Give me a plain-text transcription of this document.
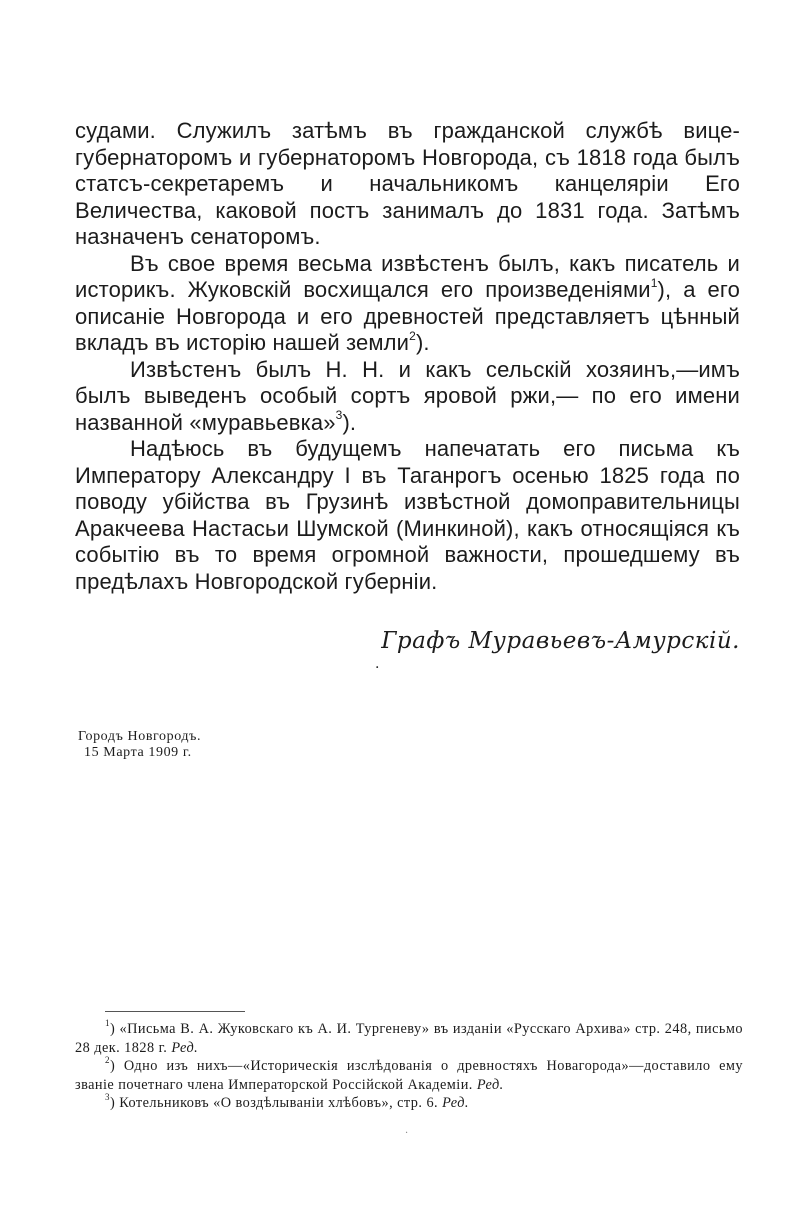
судами. Служилъ затѣмъ въ гражданской службѣ вице-губернаторомъ и губернаторомъ Новгорода, съ 1818 года былъ статсъ-секретаремъ и начальникомъ канцеляріи Его Величества, каковой постъ занималъ до 1831 года. Затѣмъ назначенъ сенаторомъ.

Въ свое время весьма извѣстенъ былъ, какъ писатель и историкъ. Жуковскій восхищался его произведеніями$^1$), а его описаніе Новгорода и его древностей представляетъ цѣнный вкладъ въ исторію нашей земли$^2$).

Извѣстенъ былъ Н. Н. и какъ сельскій хозяинъ,—имъ былъ выведенъ особый сортъ яровой ржи,— по его имени названной «муравьевка»$^3$).

Надѣюсь въ будущемъ напечатать его письма къ Императору Александру I въ Таганрогъ осенью 1825 года по поводу убійства въ Грузинѣ извѣстной домоправительницы Аракчеева Настасьи Шумской (Минкиной), какъ относящіяся къ событію въ то время огромной важности, прошедшему въ предѣлахъ Новгородской губерніи.

Графъ Муравьевъ-Амурскій.
·
Городъ Новгородъ.
15 Марта 1909 г.

$^1$) «Письма В. А. Жуковскаго къ А. И. Тургеневу» въ изданіи «Русскаго Архива» стр. 248, письмо 28 дек. 1828 г. Ред.

$^2$) Одно изъ нихъ—«Историческія изслѣдованія о древностяхъ Новагорода»—доставило ему званіе почетнаго члена Императорской Россійской Академіи. Ред.

$^3$) Котельниковъ «О воздѣлываніи хлѣбовъ», стр. 6. Ред.

·
